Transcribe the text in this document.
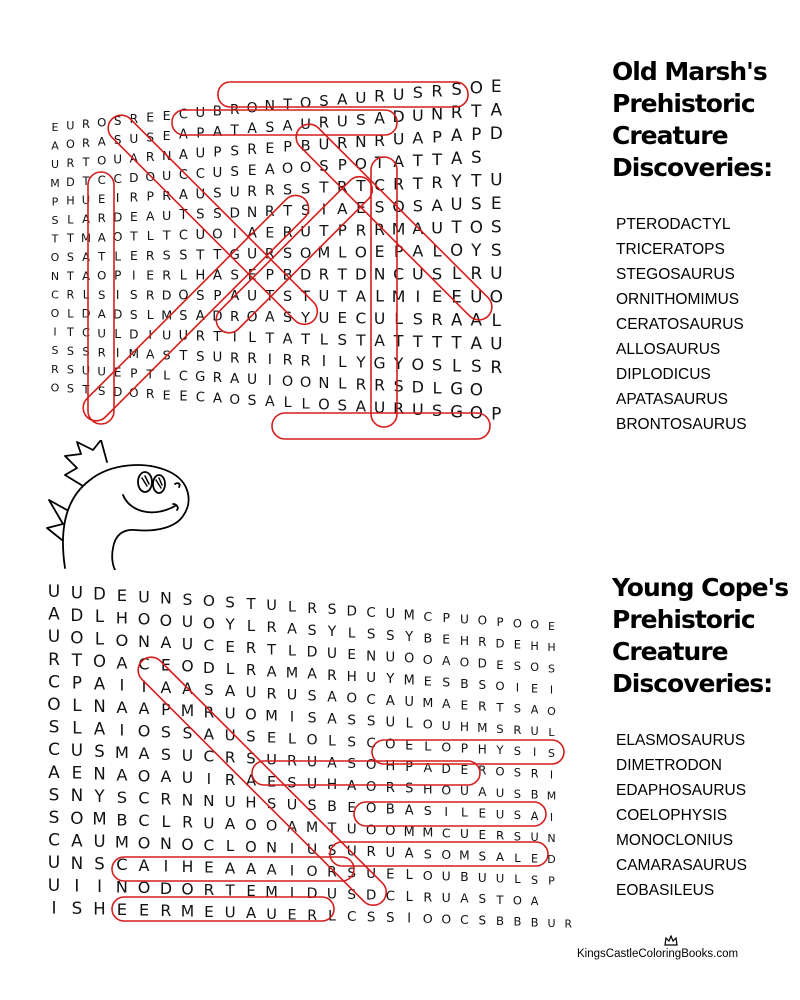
E U R O S R E E C U B R O N T O S A U R U S R S O E
A O R A S U S E A P A T A S A U R U S A D U N R T A
U R T O U A R N A U P S R E P B U R N R U A P A P D
M D T C C D O U C C U S E A O O S P O T A T T A S
P H U E I R P R A U S U R R S S T R T C R T R Y T U
S L A R D E A U T S S D N R T S I A E S O S A U S E
T T M A O T L T C U O I A E R U T P R R M A U T O S
O S A T L E R S S T T G U R S O M L O E P A L O Y S
N T A O P I E R L H A S E P B D R T D N C U S L R U
C R L S I S R D O S P A U T S T U T A L M I E E U O
O L D A D S L M S A D R O A S Y U E C U L S R A A L
I T C U L D I U U R T I L T A T L S T A T T T T A U
S S S R I M A S T S U R R I R R I L Y G Y O S L S R
R S U U E P T L C G R A U I O O N L R R S D L G O
O S T S D O R E E C A O S A L L O S A U R U S G O P
U U D E U N S O S T U L R S D C U M C P U O P O O E
A D L H O O U O Y L R A S Y L S S Y B E H R D E H H
U O L O N A U C E R T L D U E N U O O A O D E S O S
R T O A C E O D L R A M A R H U Y M E S B S O I E I
C P A I I A A S A U R U S A O C A U M A E R T S A O
O L N A A P M R U O M I S A S S U L O U H M S R U L
S L A I O S S A U S E L O L S C O E L O P H Y S I S
C U S M A S U C R S U R U A S O H P A D E R O S R I
A E N A O A U I R A E S U H A O R S H O U A U S B M
S N Y S C R N N U H S U S B E O B A S I L E U S A I
S O M B C L R U A O O A M T U O O M M C U E R S U N
C A U M O N O C L O N I U S U R U A S O M S A L E D
U N S C A I H E A A A I O R S U E L O U B U U L S P
U I I N O D O R T E M I D U S D C L R U A S T O A
I S H E E R M E U A U E R L C S S I O O C S B B B U R
Old Marsh's
Prehistoric
Creature
Discoveries:
PTERODACTYL
TRICERATOPS
STEGOSAURUS
ORNITHOMIMUS
CERATOSAURUS
ALLOSAURUS
DIPLODICUS
APATASAURUS
BRONTOSAURUS
Young Cope's
Prehistoric
Creature
Discoveries:
ELASMOSAURUS
DIMETRODON
EDAPHOSAURUS
COELOPHYSIS
MONOCLONIUS
CAMARASAURUS
EOBASILEUS
KingsCastleColoringBooks.com
